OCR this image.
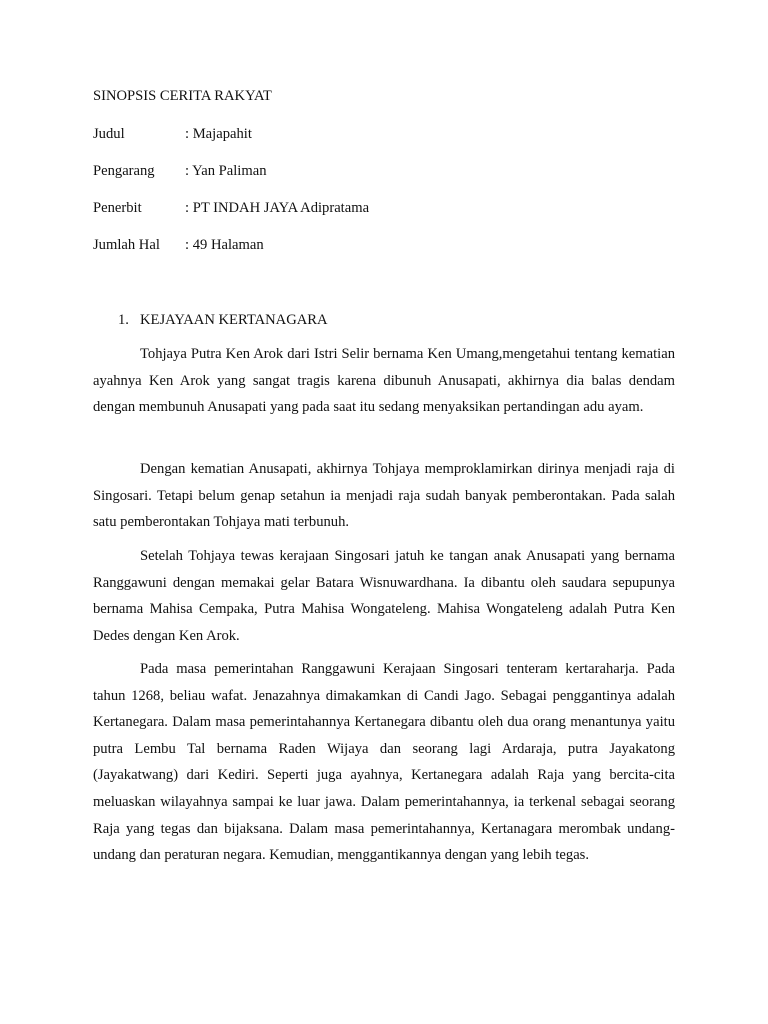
SINOPSIS CERITA RAKYAT
Judul	: Majapahit
Pengarang : Yan Paliman
Penerbit	: PT INDAH JAYA Adipratama
Jumlah Hal : 49 Halaman
1. KEJAYAAN KERTANAGARA

Tohjaya Putra Ken Arok dari Istri Selir bernama Ken Umang,mengetahui tentang kematian ayahnya Ken Arok yang sangat tragis karena dibunuh Anusapati, akhirnya dia balas dendam dengan membunuh Anusapati yang pada saat itu sedang menyaksikan pertandingan adu ayam.

Dengan kematian Anusapati, akhirnya Tohjaya memproklamirkan dirinya menjadi raja di Singosari. Tetapi belum genap setahun ia menjadi raja sudah banyak pemberontakan. Pada salah satu pemberontakan Tohjaya mati terbunuh.

Setelah Tohjaya tewas kerajaan Singosari jatuh ke tangan anak Anusapati yang bernama Ranggawuni dengan memakai gelar Batara Wisnuwardhana. Ia dibantu oleh saudara sepupunya bernama Mahisa Cempaka, Putra Mahisa Wongateleng. Mahisa Wongateleng adalah Putra Ken Dedes dengan Ken Arok.

Pada masa pemerintahan Ranggawuni Kerajaan Singosari tenteram kertaraharja. Pada tahun 1268, beliau wafat. Jenazahnya dimakamkan di Candi Jago. Sebagai penggantinya adalah Kertanegara. Dalam masa pemerintahannya Kertanegara dibantu oleh dua orang menantunya yaitu putra Lembu Tal bernama Raden Wijaya dan seorang lagi Ardaraja, putra Jayakatong (Jayakatwang) dari Kediri. Seperti juga ayahnya, Kertanegara adalah Raja yang bercita-cita meluaskan wilayahnya sampai ke luar jawa. Dalam pemerintahannya, ia terkenal sebagai seorang Raja yang tegas dan bijaksana. Dalam masa pemerintahannya, Kertanagara merombak undang-undang dan peraturan negara. Kemudian, menggantikannya dengan yang lebih tegas.
